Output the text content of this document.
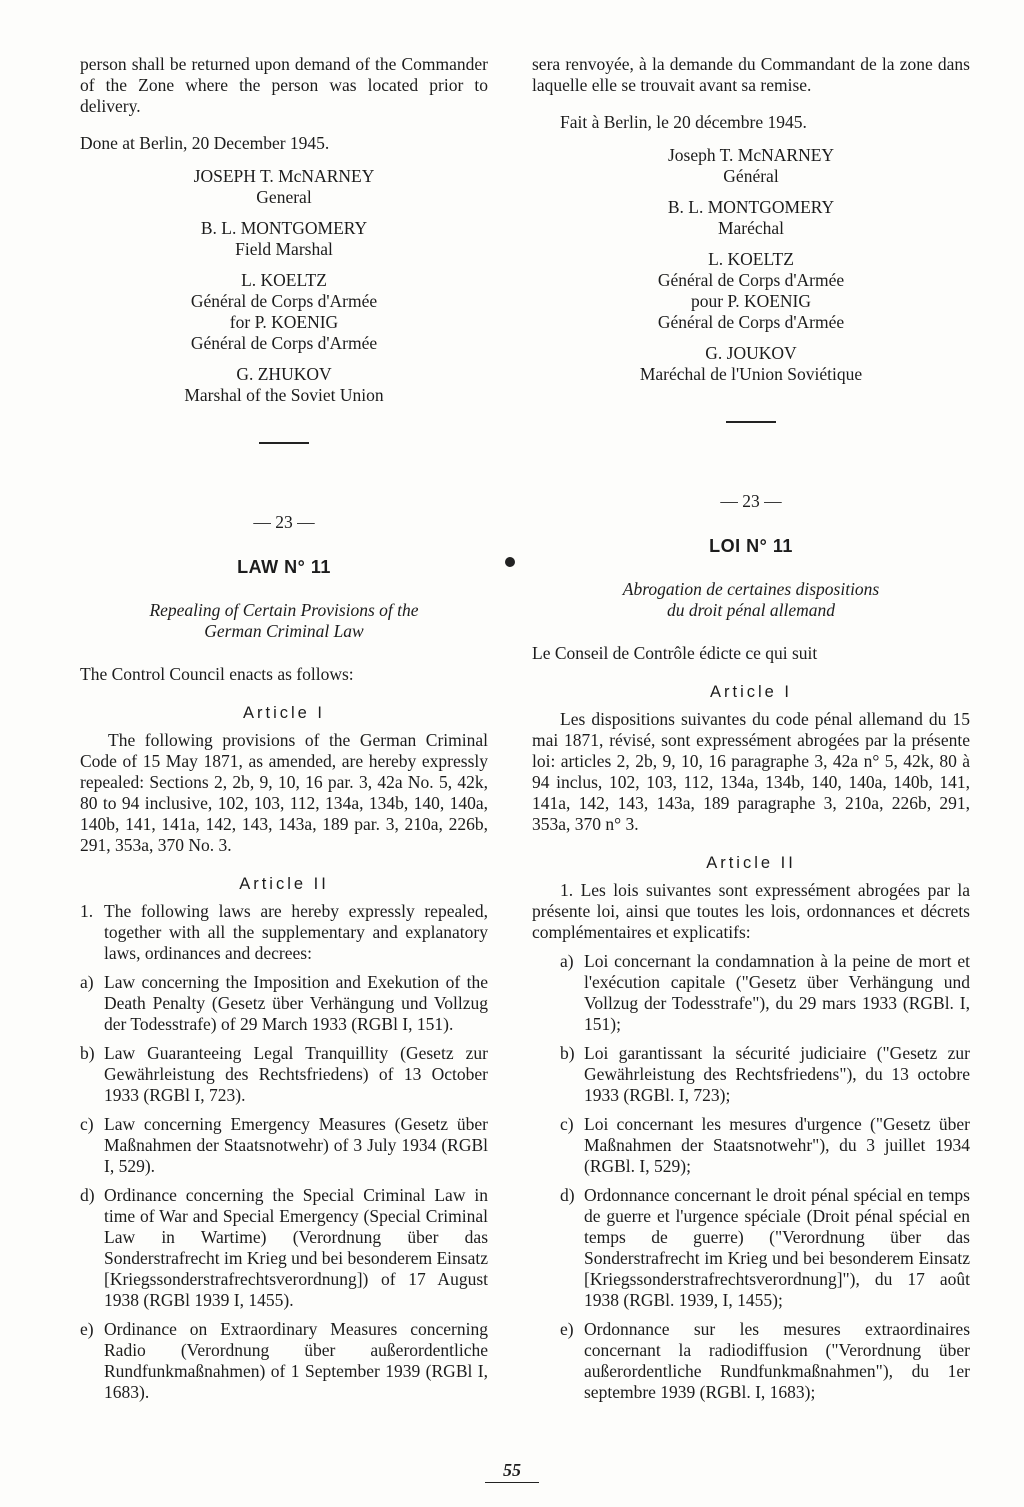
person shall be returned upon demand of the Commander of the Zone where the person was located prior to delivery.

Done at Berlin, 20 December 1945.

JOSEPH T. McNARNEY

General

B. L. MONTGOMERY

Field Marshal

L. KOELTZ

Général de Corps d'Armée

for P. KOENIG

Général de Corps d'Armée

G. ZHUKOV

Marshal of the Soviet Union

— 23 —

LAW N° 11

Repealing of Certain Provisions of the

German Criminal Law

The Control Council enacts as follows:

Article I

The following provisions of the German Criminal Code of 15 May 1871, as amended, are hereby expressly repealed: Sections 2, 2b, 9, 10, 16 par. 3, 42a No. 5, 42k, 80 to 94 inclusive, 102, 103, 112, 134a, 134b, 140, 140a, 140b, 141, 141a, 142, 143, 143a, 189 par. 3, 210a, 226b, 291, 353a, 370 No. 3.

Article II

1. The following laws are hereby expressly repealed, together with all the supplementary and explanatory laws, ordinances and decrees:
a) Law concerning the Imposition and Exekution of the Death Penalty (Gesetz über Verhängung und Vollzug der Todesstrafe) of 29 March 1933 (RGBl I, 151).
b) Law Guaranteeing Legal Tranquillity (Gesetz zur Gewährleistung des Rechtsfriedens) of 13 October 1933 (RGBl I, 723).
c) Law concerning Emergency Measures (Gesetz über Maßnahmen der Staatsnotwehr) of 3 July 1934 (RGBl I, 529).
d) Ordinance concerning the Special Criminal Law in time of War and Special Emergency (Special Criminal Law in Wartime) (Verordnung über das Sonderstrafrecht im Krieg und bei besonderem Einsatz [Kriegssonderstrafrechtsverordnung]) of 17 August 1938 (RGBl 1939 I, 1455).
e) Ordinance on Extraordinary Measures concerning Radio (Verordnung über außerordentliche Rundfunkmaßnahmen) of 1 September 1939 (RGBl I, 1683).

sera renvoyée, à la demande du Commandant de la zone dans laquelle elle se trouvait avant sa remise.

Fait à Berlin, le 20 décembre 1945.

Joseph T. McNARNEY

Général

B. L. MONTGOMERY

Maréchal

L. KOELTZ

Général de Corps d'Armée

pour P. KOENIG

Général de Corps d'Armée

G. JOUKOV

Maréchal de l'Union Soviétique

— 23 —

LOI N° 11

Abrogation de certaines dispositions

du droit pénal allemand

Le Conseil de Contrôle édicte ce qui suit

Article I

Les dispositions suivantes du code pénal allemand du 15 mai 1871, révisé, sont expressément abrogées par la présente loi: articles 2, 2b, 9, 10, 16 paragraphe 3, 42a n° 5, 42k, 80 à 94 inclus, 102, 103, 112, 134a, 134b, 140, 140a, 140b, 141, 141a, 142, 143, 143a, 189 paragraphe 3, 210a, 226b, 291, 353a, 370 n° 3.

Article II

1. Les lois suivantes sont expressément abrogées par la présente loi, ainsi que toutes les lois, ordonnances et décrets complémentaires et explicatifs:

a) Loi concernant la condamnation à la peine de mort et l'exécution capitale ("Gesetz über Verhängung und Vollzug der Todesstrafe"), du 29 mars 1933 (RGBl. I, 151);
b) Loi garantissant la sécurité judiciaire ("Gesetz zur Gewährleistung des Rechtsfriedens"), du 13 octobre 1933 (RGBl. I, 723);
c) Loi concernant les mesures d'urgence ("Gesetz über Maßnahmen der Staatsnotwehr"), du 3 juillet 1934 (RGBl. I, 529);
d) Ordonnance concernant le droit pénal spécial en temps de guerre et l'urgence spéciale (Droit pénal spécial en temps de guerre) ("Verordnung über das Sonderstrafrecht im Krieg und bei besonderem Einsatz [Kriegssonderstrafrechtsverordnung]"), du 17 août 1938 (RGBl. 1939, I, 1455);
e) Ordonnance sur les mesures extraordinaires concernant la radiodiffusion ("Verordnung über außerordentliche Rundfunkmaßnahmen"), du 1er septembre 1939 (RGBl. I, 1683);
55
